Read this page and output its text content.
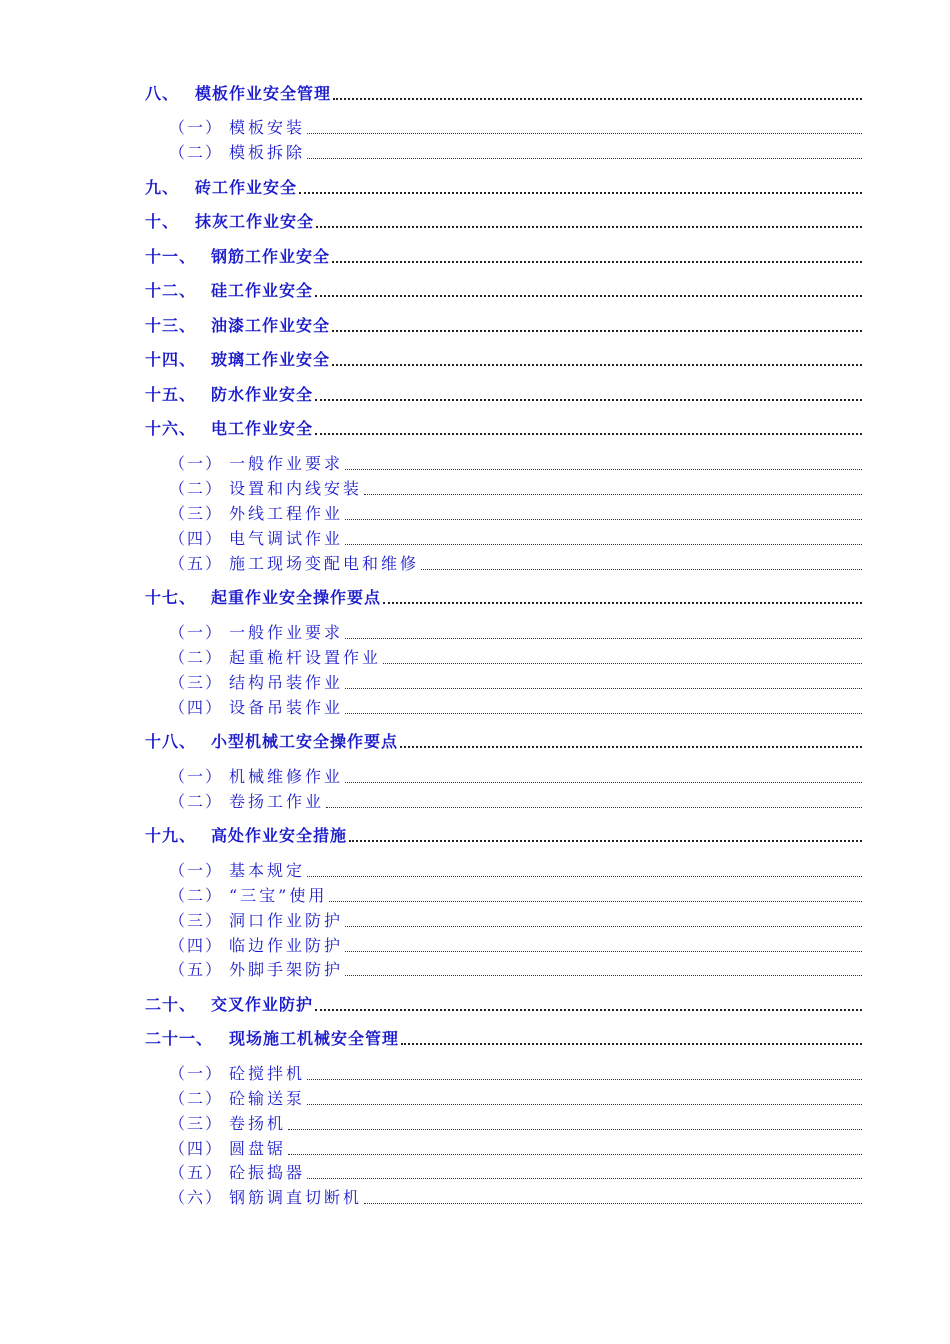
八、 模板作业安全管理
（一） 模板安装
（二） 模板拆除
九、 砖工作业安全
十、 抹灰工作业安全
十一、 钢筋工作业安全
十二、 硅工作业安全
十三、 油漆工作业安全
十四、 玻璃工作业安全
十五、 防水作业安全
十六、 电工作业安全
（一） 一般作业要求
（二） 设置和内线安装
（三） 外线工程作业
（四） 电气调试作业
（五） 施工现场变配电和维修
十七、 起重作业安全操作要点
（一） 一般作业要求
（二） 起重桅杆设置作业
（三） 结构吊装作业
（四） 设备吊装作业
十八、 小型机械工安全操作要点
（一） 机械维修作业
（二） 卷扬工作业
十九、 高处作业安全措施
（一） 基本规定
（二） “三宝”使用
（三） 洞口作业防护
（四） 临边作业防护
（五） 外脚手架防护
二十、 交叉作业防护
二十一、 现场施工机械安全管理
（一） 砼搅拌机
（二） 砼输送泵
（三） 卷扬机
（四） 圆盘锯
（五） 砼振捣器
（六） 钢筋调直切断机
